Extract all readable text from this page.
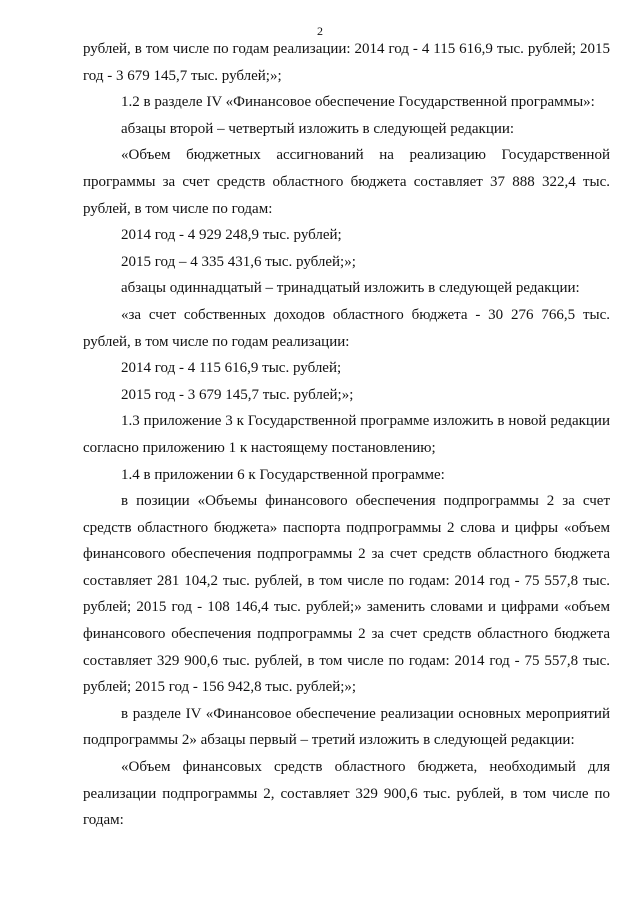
2

рублей, в том числе по годам реализации: 2014 год - 4 115 616,9 тыс. рублей; 2015 год - 3 679 145,7 тыс. рублей;»;

1.2 в разделе IV «Финансовое обеспечение Государственной программы»:

абзацы второй – четвертый изложить в следующей редакции:

«Объем бюджетных ассигнований на реализацию Государственной программы за счет средств областного бюджета составляет 37 888 322,4 тыс. рублей, в том числе по годам:

2014 год - 4 929 248,9 тыс. рублей;

2015 год – 4 335 431,6 тыс. рублей;»;

абзацы одиннадцатый – тринадцатый изложить в следующей редакции:

«за счет собственных доходов областного бюджета - 30 276 766,5 тыс. рублей, в том числе по годам реализации:

2014 год - 4 115 616,9 тыс. рублей;

2015 год - 3 679 145,7 тыс. рублей;»;

1.3 приложение 3 к Государственной программе изложить в новой редакции согласно приложению 1 к настоящему постановлению;

1.4 в приложении 6 к Государственной программе:

в позиции «Объемы финансового обеспечения подпрограммы 2 за счет средств областного бюджета» паспорта подпрограммы 2 слова и цифры «объем финансового обеспечения подпрограммы 2 за счет средств областного бюджета составляет 281 104,2 тыс. рублей, в том числе по годам: 2014 год - 75 557,8 тыс. рублей; 2015 год - 108 146,4 тыс. рублей;» заменить словами и цифрами «объем финансового обеспечения подпрограммы 2 за счет средств областного бюджета составляет 329 900,6 тыс. рублей, в том числе по годам: 2014 год - 75 557,8 тыс. рублей; 2015 год - 156 942,8 тыс. рублей;»;

в разделе IV «Финансовое обеспечение реализации основных мероприятий подпрограммы 2» абзацы первый – третий изложить в следующей редакции:

«Объем финансовых средств областного бюджета, необходимый для реализации подпрограммы 2, составляет 329 900,6 тыс. рублей, в том числе по годам:
